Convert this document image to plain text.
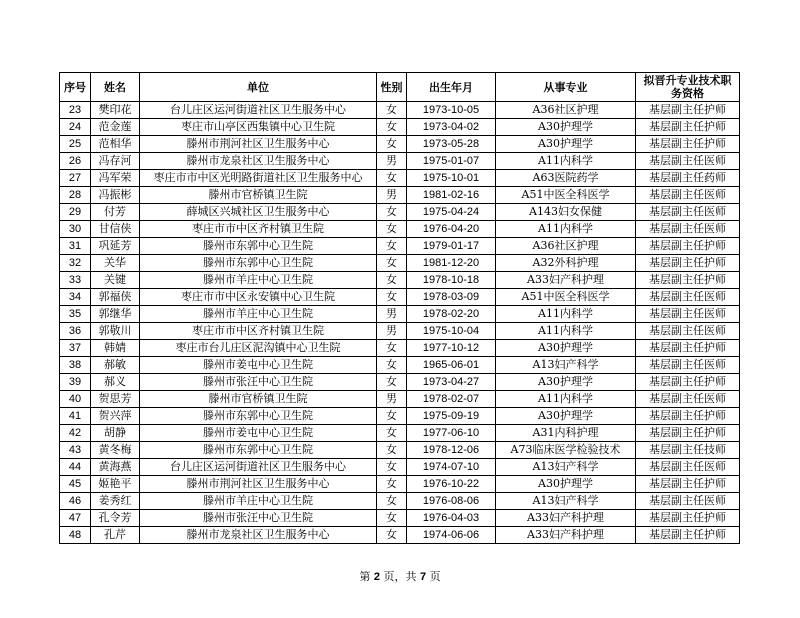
序号	姓名	单位	性别	出生年月	从事专业	拟晋升专业技术职务资格
23	樊印花	台儿庄区运河街道社区卫生服务中心	女	1973-10-05	A36社区护理	基层副主任护师
24	范金莲	枣庄市山亭区西集镇中心卫生院	女	1973-04-02	A30护理学	基层副主任护师
25	范相华	滕州市荆河社区卫生服务中心	女	1973-05-28	A30护理学	基层副主任护师
26	冯存河	滕州市龙泉社区卫生服务中心	男	1975-01-07	A11内科学	基层副主任医师
27	冯军荣	枣庄市市中区光明路街道社区卫生服务中心	女	1975-10-01	A63医院药学	基层副主任药师
28	冯振彬	滕州市官桥镇卫生院	男	1981-02-16	A51中医全科医学	基层副主任医师
29	付芳	薛城区兴城社区卫生服务中心	女	1975-04-24	A143妇女保健	基层副主任医师
30	甘信侠	枣庄市市中区齐村镇卫生院	女	1976-04-20	A11内科学	基层副主任医师
31	巩延芳	滕州市东郭中心卫生院	女	1979-01-17	A36社区护理	基层副主任护师
32	关华	滕州市东郭中心卫生院	女	1981-12-20	A32外科护理	基层副主任护师
33	关键	滕州市羊庄中心卫生院	女	1978-10-18	A33妇产科护理	基层副主任护师
34	郭福侠	枣庄市市中区永安镇中心卫生院	女	1978-03-09	A51中医全科医学	基层副主任医师
35	郭继华	滕州市羊庄中心卫生院	男	1978-02-20	A11内科学	基层副主任医师
36	郭敬川	枣庄市市中区齐村镇卫生院	男	1975-10-04	A11内科学	基层副主任医师
37	韩婧	枣庄市台儿庄区泥沟镇中心卫生院	女	1977-10-12	A30护理学	基层副主任护师
38	郝敏	滕州市姜屯中心卫生院	女	1965-06-01	A13妇产科学	基层副主任医师
39	郝义	滕州市张汪中心卫生院	女	1973-04-27	A30护理学	基层副主任护师
40	贺思芳	滕州市官桥镇卫生院	男	1978-02-07	A11内科学	基层副主任医师
41	贺兴萍	滕州市东郭中心卫生院	女	1975-09-19	A30护理学	基层副主任护师
42	胡静	滕州市姜屯中心卫生院	女	1977-06-10	A31内科护理	基层副主任护师
43	黄冬梅	滕州市东郭中心卫生院	女	1978-12-06	A73临床医学检验技术	基层副主任技师
44	黄海燕	台儿庄区运河街道社区卫生服务中心	女	1974-07-10	A13妇产科学	基层副主任医师
45	姬艳平	滕州市荆河社区卫生服务中心	女	1976-10-22	A30护理学	基层副主任护师
46	姜秀红	滕州市羊庄中心卫生院	女	1976-08-06	A13妇产科学	基层副主任医师
47	孔令芳	滕州市张汪中心卫生院	女	1976-04-03	A33妇产科护理	基层副主任护师
48	孔芹	滕州市龙泉社区卫生服务中心	女	1974-06-06	A33妇产科护理	基层副主任护师
第 2 页，共 7 页
